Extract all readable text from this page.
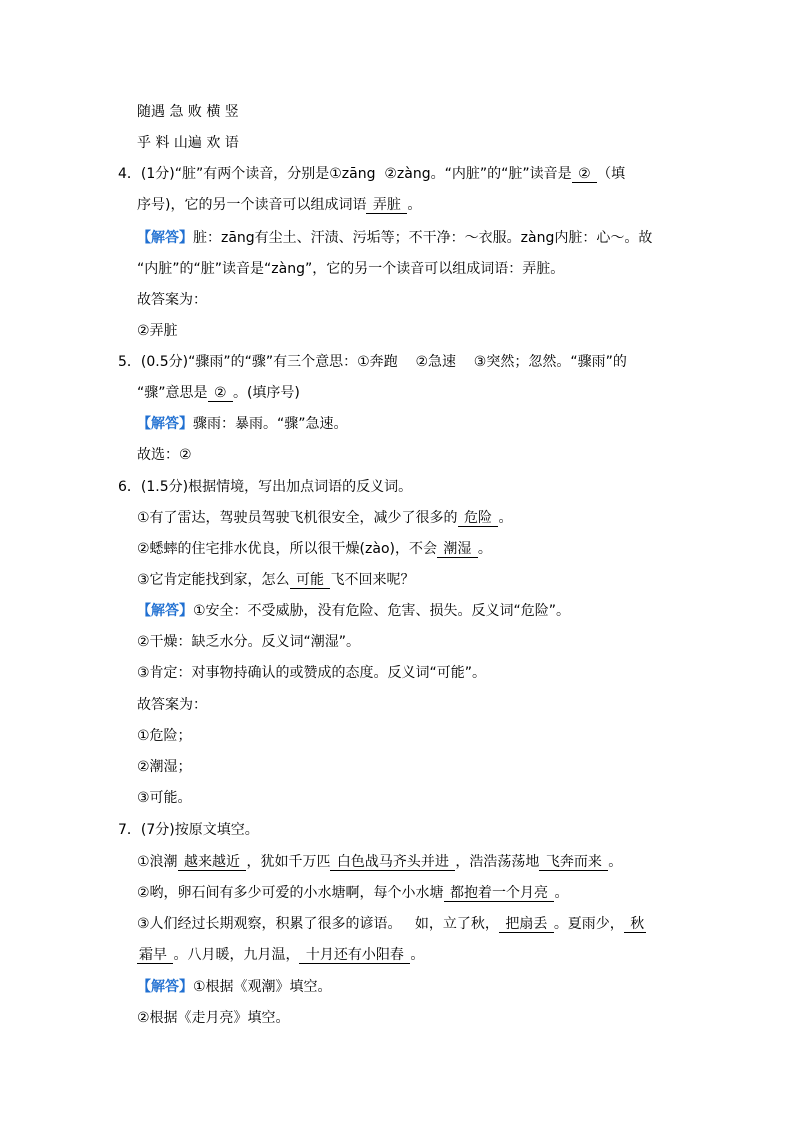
随遇 急 败 横 竖
乎 料 山遍 欢 语
4．(1分)“脏”有两个读音，分别是①zāng  ②zàng。“内脏”的“脏”读音是 ② （填
序号)，它的另一个读音可以组成词语 弄脏 。
【解答】脏：zāng有尘土、汗渍、污垢等；不干净：～衣服。zàng内脏：心～。故
“内脏”的“脏”读音是“zàng”，它的另一个读音可以组成词语：弄脏。
故答案为：
②弄脏
5．(0.5分)“骤雨”的“骤”有三个意思：①奔跑    ②急速    ③突然；忽然。“骤雨”的
“骤”意思是 ② 。(填序号)
【解答】骤雨：暴雨。“骤”急速。
故选：②
6．(1.5分)根据情境，写出加点词语的反义词。
①有了雷达，驾驶员驾驶飞机很安全，减少了很多的 危险 。
②蟋蟀的住宅排水优良，所以很干燥(zào)，不会 潮湿 。
③它肯定能找到家，怎么 可能 飞不回来呢？
【解答】①安全：不受威胁，没有危险、危害、损失。反义词“危险”。
②干燥：缺乏水分。反义词“潮湿”。
③肯定：对事物持确认的或赞成的态度。反义词“可能”。
故答案为：
①危险；
②潮湿；
③可能。
7．(7分)按原文填空。
①浪潮 越来越近 ，犹如千万匹 白色战马齐头并进 ，浩浩荡荡地 飞奔而来 。
②哟，卵石间有多少可爱的小水塘啊，每个小水塘 都抱着一个月亮 。
③人们经过长期观察，积累了很多的谚语。   如，立了秋， 把扇丢 。夏雨少， 秋
霜早 。八月暖，九月温， 十月还有小阳春 。
【解答】①根据《观潮》填空。
②根据《走月亮》填空。
